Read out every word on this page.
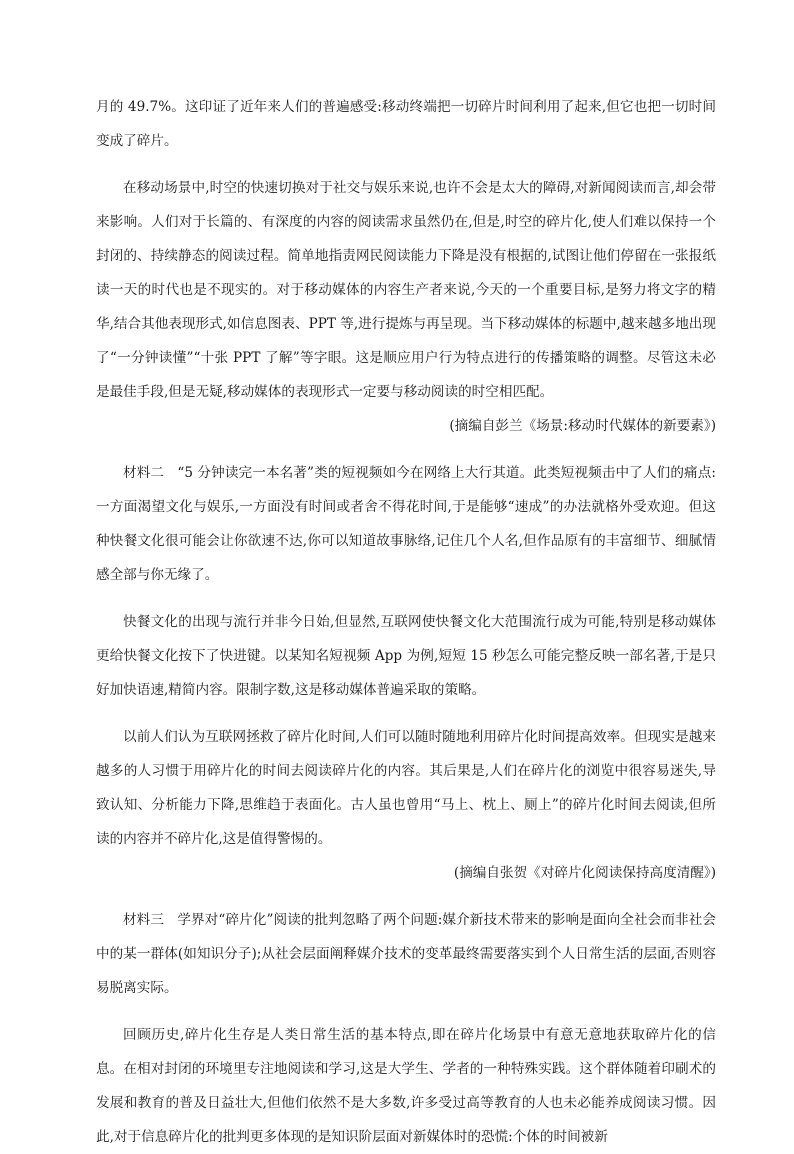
月的 49.7%。这印证了近年来人们的普遍感受:移动终端把一切碎片时间利用了起来,但它也把一切时间变成了碎片。

在移动场景中,时空的快速切换对于社交与娱乐来说,也许不会是太大的障碍,对新闻阅读而言,却会带来影响。人们对于长篇的、有深度的内容的阅读需求虽然仍在,但是,时空的碎片化,使人们难以保持一个封闭的、持续静态的阅读过程。简单地指责网民阅读能力下降是没有根据的,试图让他们停留在一张报纸读一天的时代也是不现实的。对于移动媒体的内容生产者来说,今天的一个重要目标,是努力将文字的精华,结合其他表现形式,如信息图表、PPT 等,进行提炼与再呈现。当下移动媒体的标题中,越来越多地出现了“一分钟读懂”“十张 PPT 了解”等字眼。这是顺应用户行为特点进行的传播策略的调整。尽管这未必是最佳手段,但是无疑,移动媒体的表现形式一定要与移动阅读的时空相匹配。

(摘编自彭兰《场景:移动时代媒体的新要素》)

材料二 “5 分钟读完一本名著”类的短视频如今在网络上大行其道。此类短视频击中了人们的痛点:一方面渴望文化与娱乐,一方面没有时间或者舍不得花时间,于是能够“速成”的办法就格外受欢迎。但这种快餐文化很可能会让你欲速不达,你可以知道故事脉络,记住几个人名,但作品原有的丰富细节、细腻情感全部与你无缘了。

快餐文化的出现与流行并非今日始,但显然,互联网使快餐文化大范围流行成为可能,特别是移动媒体更给快餐文化按下了快进键。以某知名短视频 App 为例,短短 15 秒怎么可能完整反映一部名著,于是只好加快语速,精简内容。限制字数,这是移动媒体普遍采取的策略。

以前人们认为互联网拯救了碎片化时间,人们可以随时随地利用碎片化时间提高效率。但现实是越来越多的人习惯于用碎片化的时间去阅读碎片化的内容。其后果是,人们在碎片化的浏览中很容易迷失,导致认知、分析能力下降,思维趋于表面化。古人虽也曾用“马上、枕上、厕上”的碎片化时间去阅读,但所读的内容并不碎片化,这是值得警惕的。

(摘编自张贺《对碎片化阅读保持高度清醒》)

材料三 学界对“碎片化”阅读的批判忽略了两个问题:媒介新技术带来的影响是面向全社会而非社会中的某一群体(如知识分子);从社会层面阐释媒介技术的变革最终需要落实到个人日常生活的层面,否则容易脱离实际。

回顾历史,碎片化生存是人类日常生活的基本特点,即在碎片化场景中有意无意地获取碎片化的信息。在相对封闭的环境里专注地阅读和学习,这是大学生、学者的一种特殊实践。这个群体随着印刷术的发展和教育的普及日益壮大,但他们依然不是大多数,许多受过高等教育的人也未必能养成阅读习惯。因此,对于信息碎片化的批判更多体现的是知识阶层面对新媒体时的恐慌:个体的时间被新
